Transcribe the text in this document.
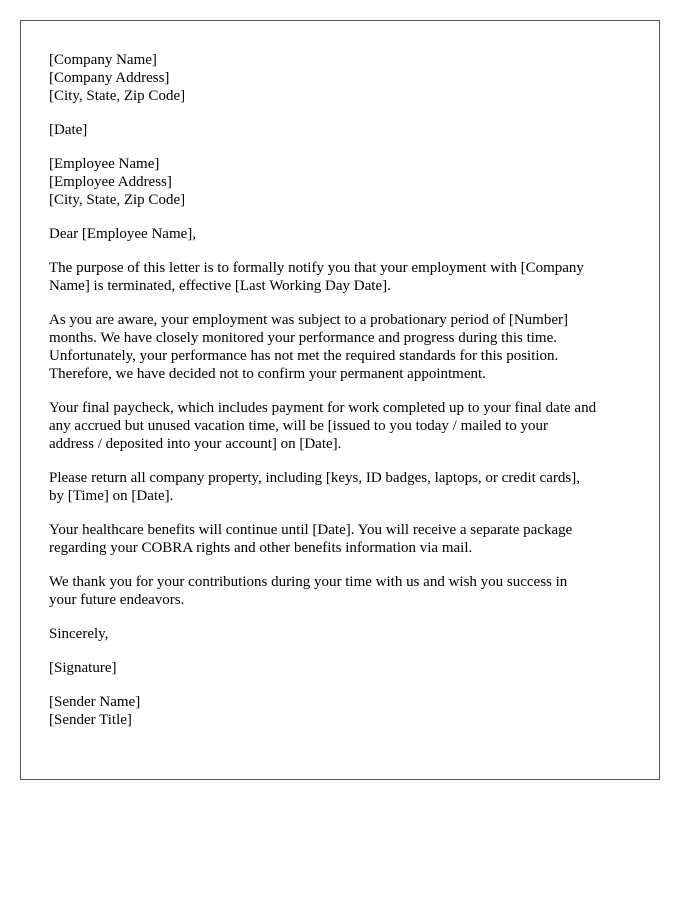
[Company Name]
[Company Address]
[City, State, Zip Code]
[Date]
[Employee Name]
[Employee Address]
[City, State, Zip Code]
Dear [Employee Name],

The purpose of this letter is to formally notify you that your employment with [Company
Name] is terminated, effective [Last Working Day Date].

As you are aware, your employment was subject to a probationary period of [Number]
months. We have closely monitored your performance and progress during this time.
Unfortunately, your performance has not met the required standards for this position.
Therefore, we have decided not to confirm your permanent appointment.

Your final paycheck, which includes payment for work completed up to your final date and
any accrued but unused vacation time, will be [issued to you today / mailed to your
address / deposited into your account] on [Date].

Please return all company property, including [keys, ID badges, laptops, or credit cards],
by [Time] on [Date].

Your healthcare benefits will continue until [Date]. You will receive a separate package
regarding your COBRA rights and other benefits information via mail.

We thank you for your contributions during your time with us and wish you success in
your future endeavors.

Sincerely,
[Signature]
[Sender Name]
[Sender Title]
